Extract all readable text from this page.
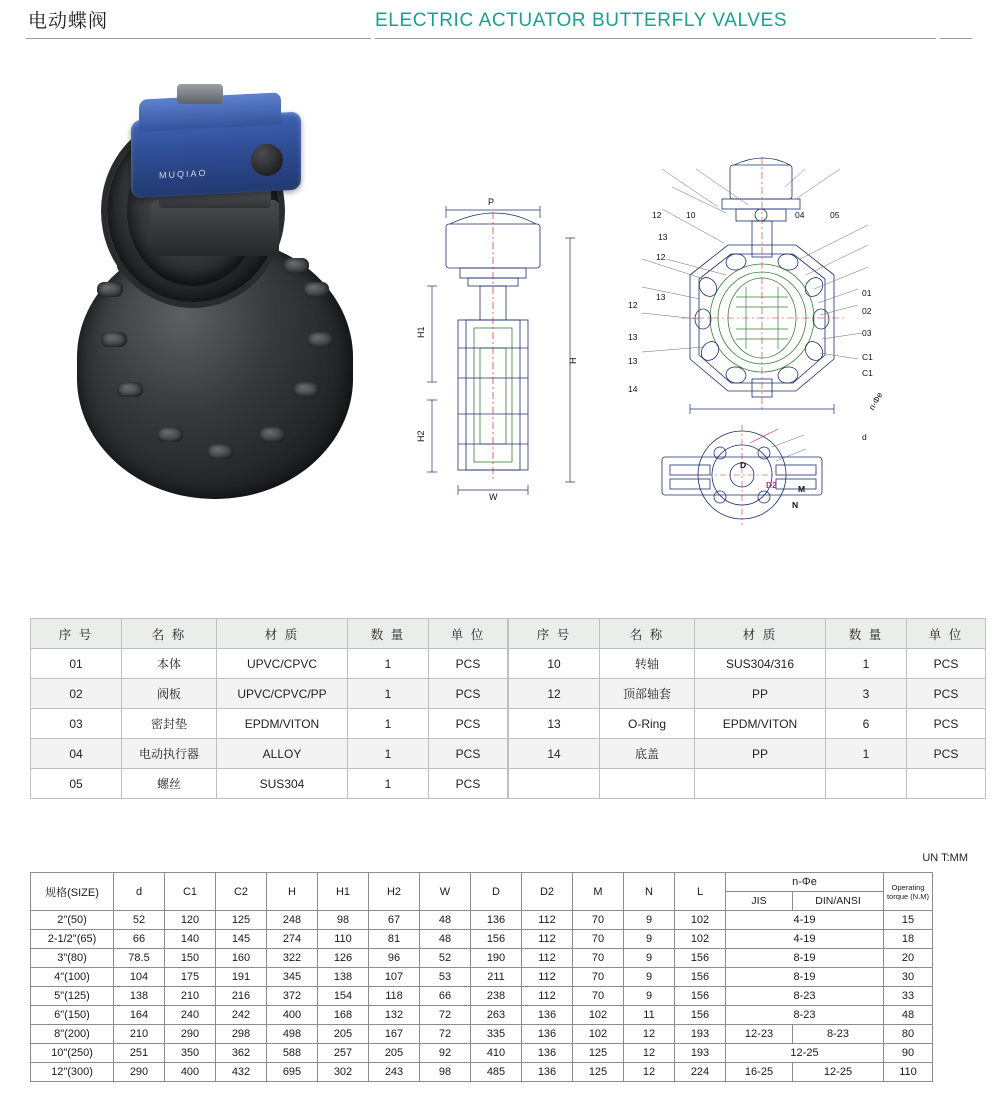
电动蝶阀	ELECTRIC ACTUATOR BUTTERFLY VALVES
MUQIAO
P
W
H
H1
H2
12	10	04	05
13
12
12
13
13
13
14
01
02
03
C1
C1
n-Φe
d
D
D2 M
N
序 号	名 称	材 质	数 量	单 位
01	本体	UPVC/CPVC	1	PCS
02	阀板	UPVC/CPVC/PP	1	PCS
03	密封垫	EPDM/VITON	1	PCS
04	电动执行器	ALLOY	1	PCS
05	螺丝	SUS304	1	PCS
序 号	名 称	材 质	数 量	单 位
10	转轴	SUS304/316	1	PCS
12	顶部轴套	PP	3	PCS
13	O-Ring	EPDM/VITON	6	PCS
14	底盖	PP	1	PCS

UN T:MM
规格(SIZE)	d	C1	C2	H	H1	H2	W	D	D2	M	N	L	n-Φe		Operating torque (N.M)
													JIS	DIN/ANSI	
2"(50)	52	120	125	248	98	67	48	136	112	70	9	102	4-19		15
2-1/2"(65)	66	140	145	274	110	81	48	156	112	70	9	102	4-19		18
3"(80)	78.5	150	160	322	126	96	52	190	112	70	9	156	8-19		20
4"(100)	104	175	191	345	138	107	53	211	112	70	9	156	8-19		30
5"(125)	138	210	216	372	154	118	66	238	112	70	9	156	8-23		33
6"(150)	164	240	242	400	168	132	72	263	136	102	11	156	8-23		48
8"(200)	210	290	298	498	205	167	72	335	136	102	12	193	12-23	8-23	80
10"(250)	251	350	362	588	257	205	92	410	136	125	12	193	12-25		90
12"(300)	290	400	432	695	302	243	98	485	136	125	12	224	16-25	12-25	110
